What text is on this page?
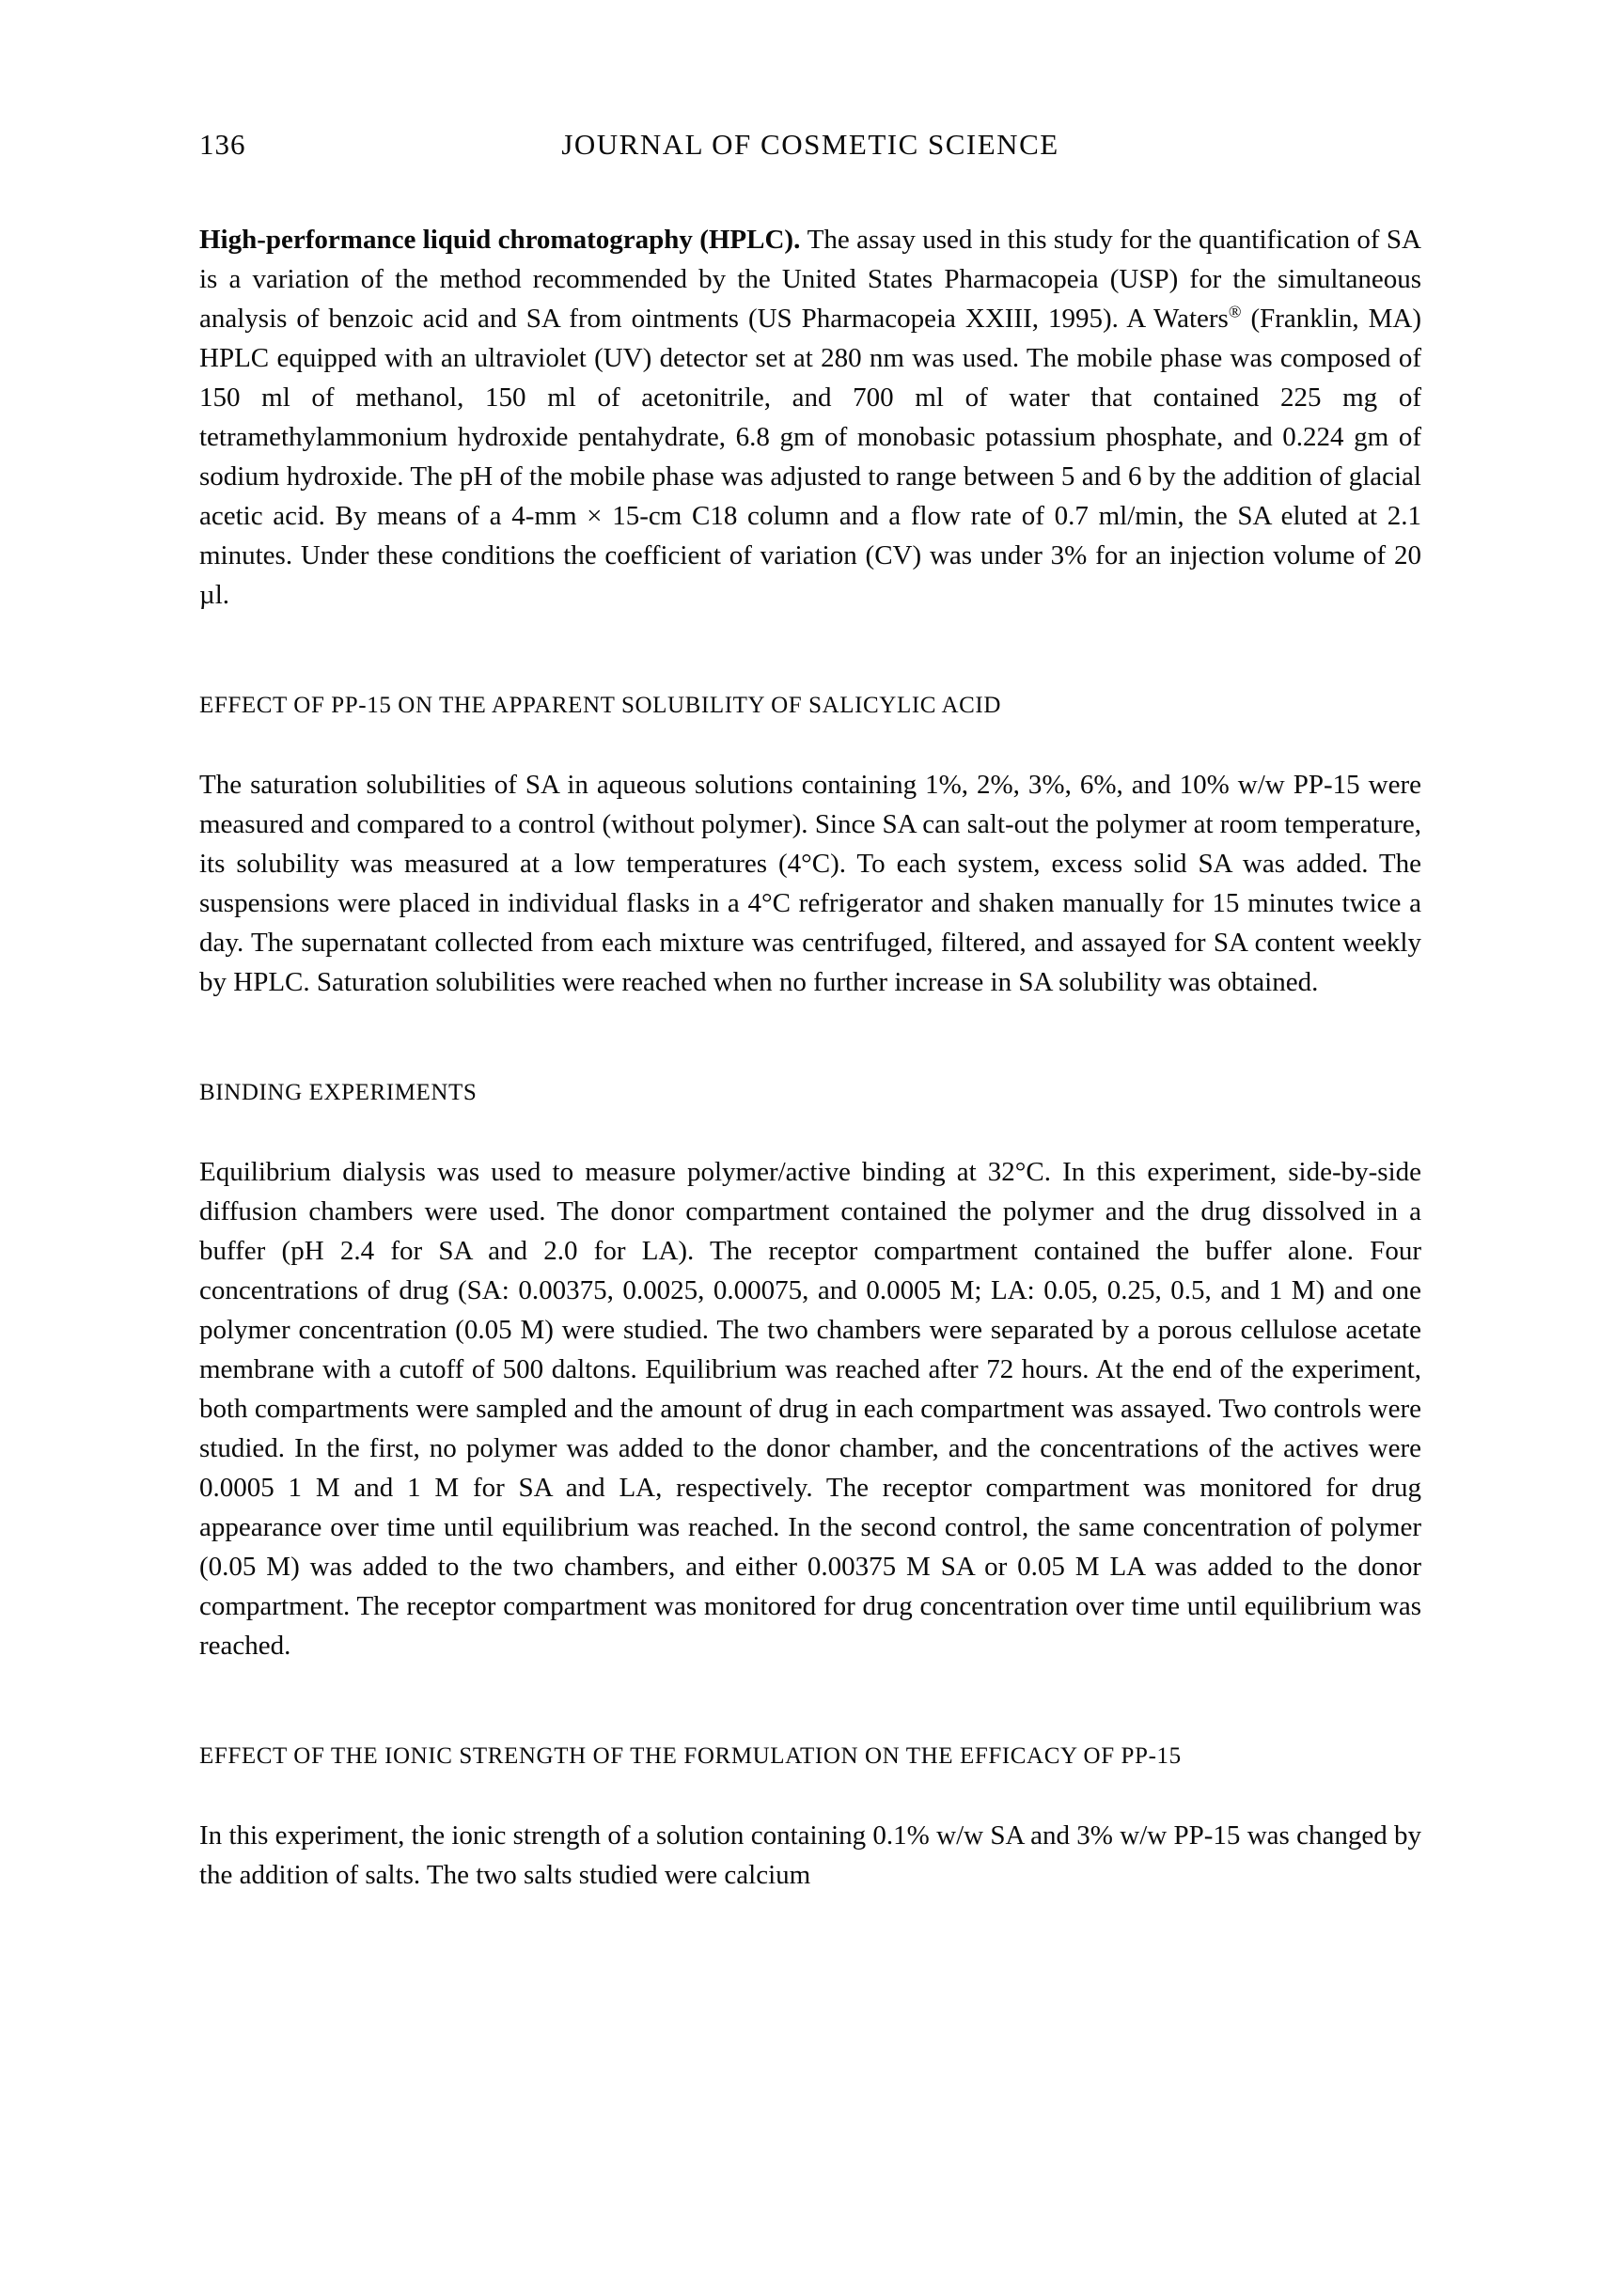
136	JOURNAL OF COSMETIC SCIENCE

High-performance liquid chromatography (HPLC). The assay used in this study for the quantification of SA is a variation of the method recommended by the United States Pharmacopeia (USP) for the simultaneous analysis of benzoic acid and SA from ointments (US Pharmacopeia XXIII, 1995). A Waters® (Franklin, MA) HPLC equipped with an ultraviolet (UV) detector set at 280 nm was used. The mobile phase was composed of 150 ml of methanol, 150 ml of acetonitrile, and 700 ml of water that contained 225 mg of tetramethylammonium hydroxide pentahydrate, 6.8 gm of monobasic potassium phosphate, and 0.224 gm of sodium hydroxide. The pH of the mobile phase was adjusted to range between 5 and 6 by the addition of glacial acetic acid. By means of a 4-mm × 15-cm C18 column and a flow rate of 0.7 ml/min, the SA eluted at 2.1 minutes. Under these conditions the coefficient of variation (CV) was under 3% for an injection volume of 20 µl.

EFFECT OF PP-15 ON THE APPARENT SOLUBILITY OF SALICYLIC ACID

The saturation solubilities of SA in aqueous solutions containing 1%, 2%, 3%, 6%, and 10% w/w PP-15 were measured and compared to a control (without polymer). Since SA can salt-out the polymer at room temperature, its solubility was measured at a low temperatures (4°C). To each system, excess solid SA was added. The suspensions were placed in individual flasks in a 4°C refrigerator and shaken manually for 15 minutes twice a day. The supernatant collected from each mixture was centrifuged, filtered, and assayed for SA content weekly by HPLC. Saturation solubilities were reached when no further increase in SA solubility was obtained.

BINDING EXPERIMENTS

Equilibrium dialysis was used to measure polymer/active binding at 32°C. In this experiment, side-by-side diffusion chambers were used. The donor compartment contained the polymer and the drug dissolved in a buffer (pH 2.4 for SA and 2.0 for LA). The receptor compartment contained the buffer alone. Four concentrations of drug (SA: 0.00375, 0.0025, 0.00075, and 0.0005 M; LA: 0.05, 0.25, 0.5, and 1 M) and one polymer concentration (0.05 M) were studied. The two chambers were separated by a porous cellulose acetate membrane with a cutoff of 500 daltons. Equilibrium was reached after 72 hours. At the end of the experiment, both compartments were sampled and the amount of drug in each compartment was assayed. Two controls were studied. In the first, no polymer was added to the donor chamber, and the concentrations of the actives were 0.0005 1 M and 1 M for SA and LA, respectively. The receptor compartment was monitored for drug appearance over time until equilibrium was reached. In the second control, the same concentration of polymer (0.05 M) was added to the two chambers, and either 0.00375 M SA or 0.05 M LA was added to the donor compartment. The receptor compartment was monitored for drug concentration over time until equilibrium was reached.

EFFECT OF THE IONIC STRENGTH OF THE FORMULATION ON THE EFFICACY OF PP-15

In this experiment, the ionic strength of a solution containing 0.1% w/w SA and 3% w/w PP-15 was changed by the addition of salts. The two salts studied were calcium
